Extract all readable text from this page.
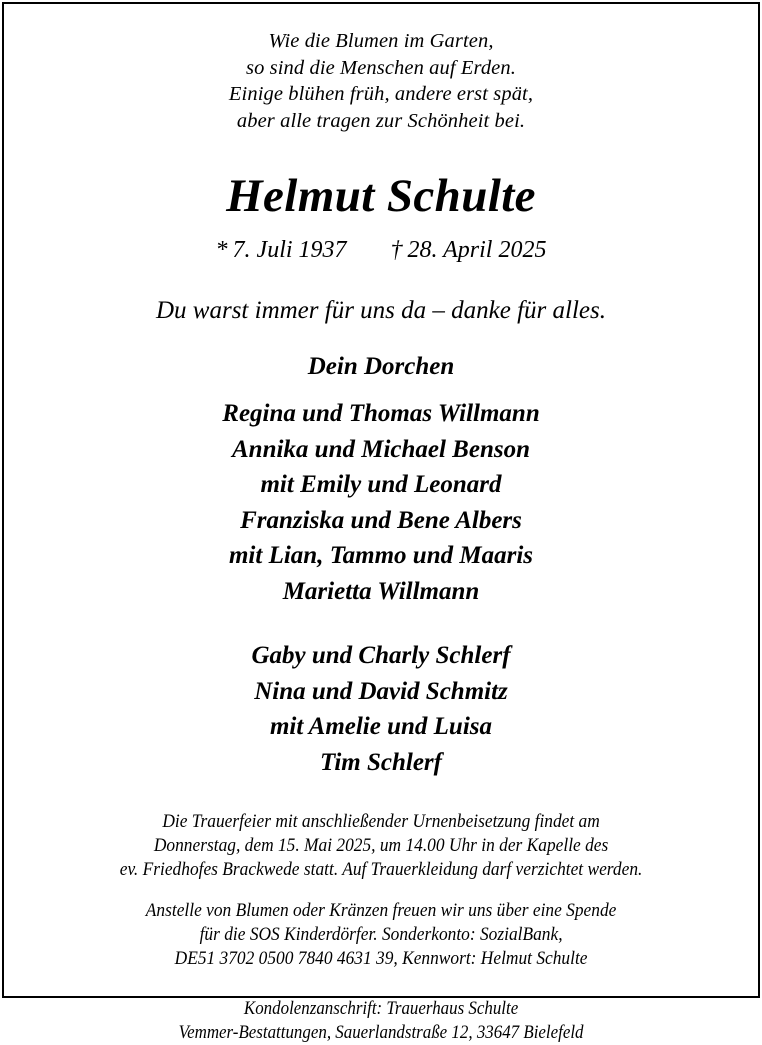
Wie die Blumen im Garten,
so sind die Menschen auf Erden.
Einige blühen früh, andere erst spät,
aber alle tragen zur Schönheit bei.
Helmut Schulte
* 7. Juli 1937 † 28. April 2025
Du warst immer für uns da – danke für alles.
Dein Dorchen
Regina und Thomas Willmann
Annika und Michael Benson
mit Emily und Leonard
Franziska und Bene Albers
mit Lian, Tammo und Maaris
Marietta Willmann
Gaby und Charly Schlerf
Nina und David Schmitz
mit Amelie und Luisa
Tim Schlerf
Die Trauerfeier mit anschließender Urnenbeisetzung findet am
Donnerstag, dem 15. Mai 2025, um 14.00 Uhr in der Kapelle des
ev. Friedhofes Brackwede statt. Auf Trauerkleidung darf verzichtet werden.
Anstelle von Blumen oder Kränzen freuen wir uns über eine Spende
für die SOS Kinderdörfer. Sonderkonto: SozialBank,
DE51 3702 0500 7840 4631 39, Kennwort: Helmut Schulte
Kondolenzanschrift: Trauerhaus Schulte
Vemmer-Bestattungen, Sauerlandstraße 12, 33647 Bielefeld
